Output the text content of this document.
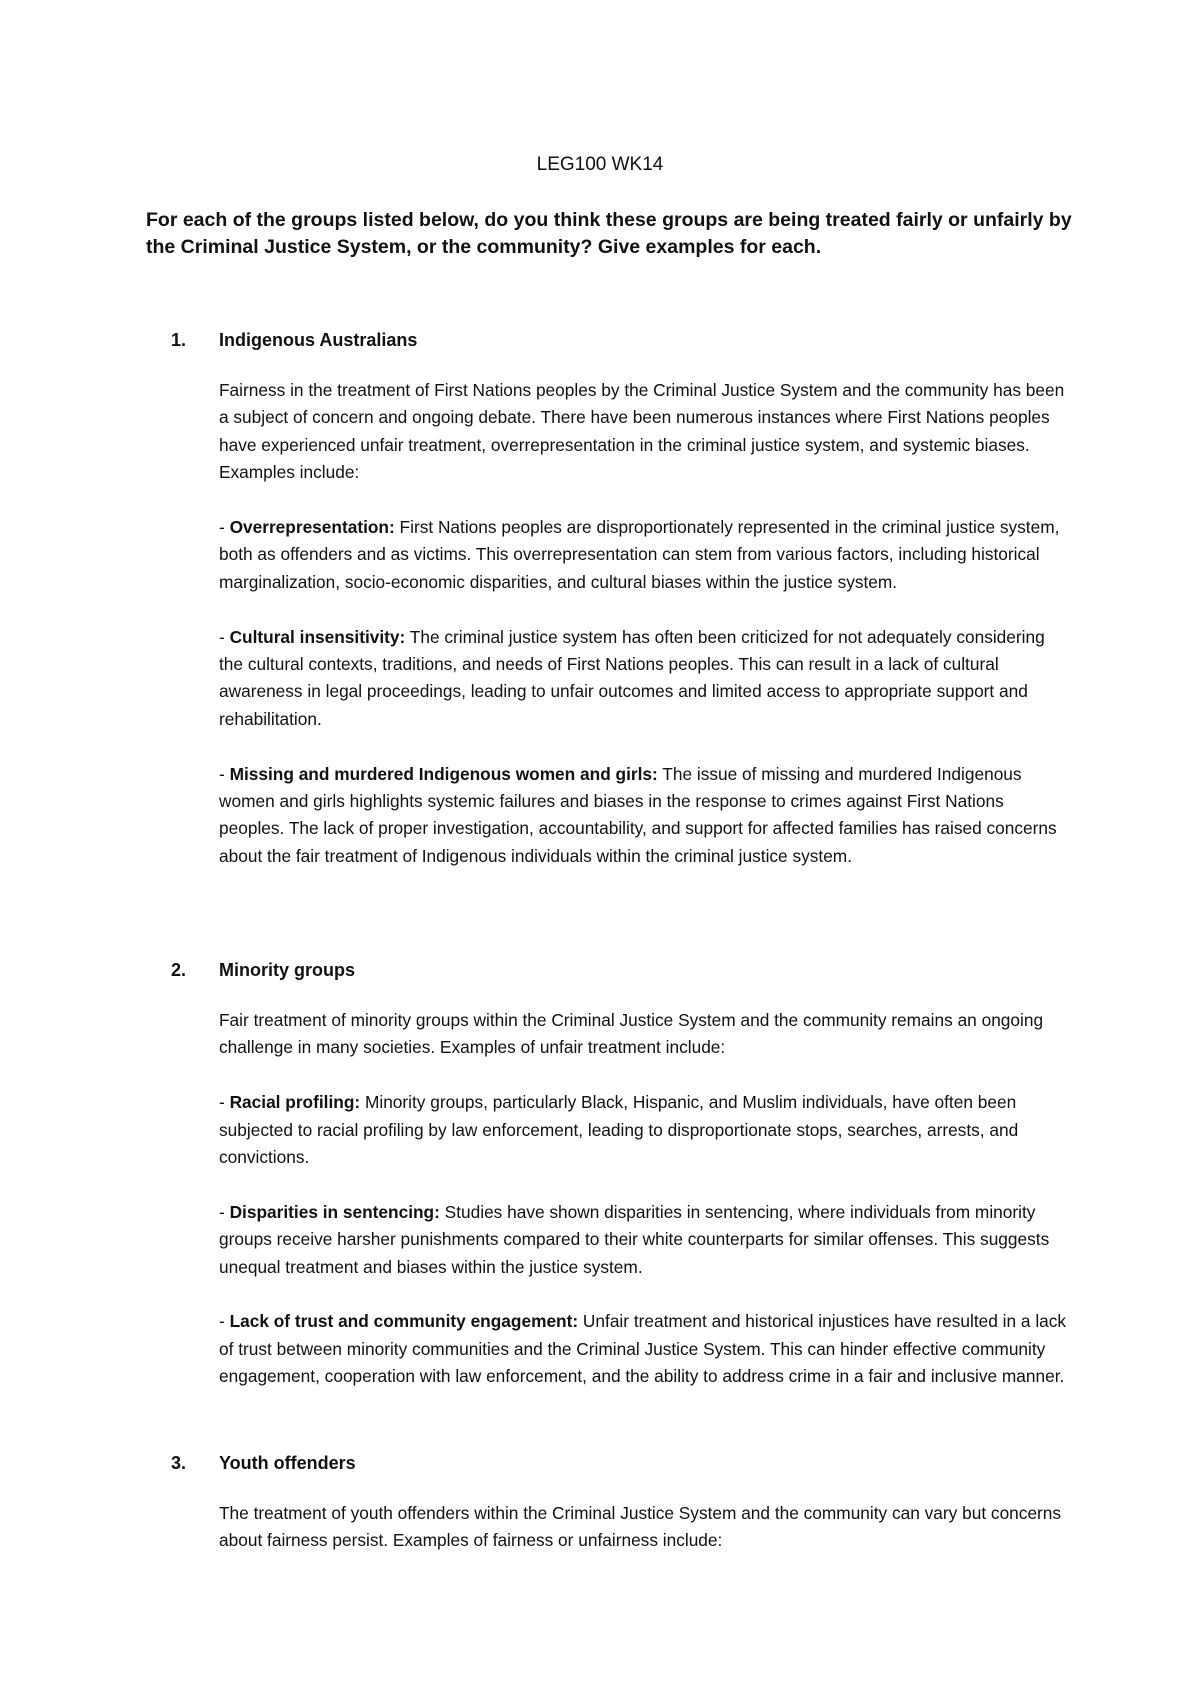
LEG100 WK14
For each of the groups listed below, do you think these groups are being treated fairly or unfairly by the Criminal Justice System, or the community? Give examples for each.
1.	Indigenous Australians

Fairness in the treatment of First Nations peoples by the Criminal Justice System and the community has been a subject of concern and ongoing debate. There have been numerous instances where First Nations peoples have experienced unfair treatment, overrepresentation in the criminal justice system, and systemic biases. Examples include:

- Overrepresentation: First Nations peoples are disproportionately represented in the criminal justice system, both as offenders and as victims. This overrepresentation can stem from various factors, including historical marginalization, socio-economic disparities, and cultural biases within the justice system.

- Cultural insensitivity: The criminal justice system has often been criticized for not adequately considering the cultural contexts, traditions, and needs of First Nations peoples. This can result in a lack of cultural awareness in legal proceedings, leading to unfair outcomes and limited access to appropriate support and rehabilitation.

- Missing and murdered Indigenous women and girls: The issue of missing and murdered Indigenous women and girls highlights systemic failures and biases in the response to crimes against First Nations peoples. The lack of proper investigation, accountability, and support for affected families has raised concerns about the fair treatment of Indigenous individuals within the criminal justice system.

2.	Minority groups

Fair treatment of minority groups within the Criminal Justice System and the community remains an ongoing challenge in many societies. Examples of unfair treatment include:

- Racial profiling: Minority groups, particularly Black, Hispanic, and Muslim individuals, have often been subjected to racial profiling by law enforcement, leading to disproportionate stops, searches, arrests, and convictions.

- Disparities in sentencing: Studies have shown disparities in sentencing, where individuals from minority groups receive harsher punishments compared to their white counterparts for similar offenses. This suggests unequal treatment and biases within the justice system.

- Lack of trust and community engagement: Unfair treatment and historical injustices have resulted in a lack of trust between minority communities and the Criminal Justice System. This can hinder effective community engagement, cooperation with law enforcement, and the ability to address crime in a fair and inclusive manner.

3.	Youth offenders

The treatment of youth offenders within the Criminal Justice System and the community can vary but concerns about fairness persist. Examples of fairness or unfairness include:
